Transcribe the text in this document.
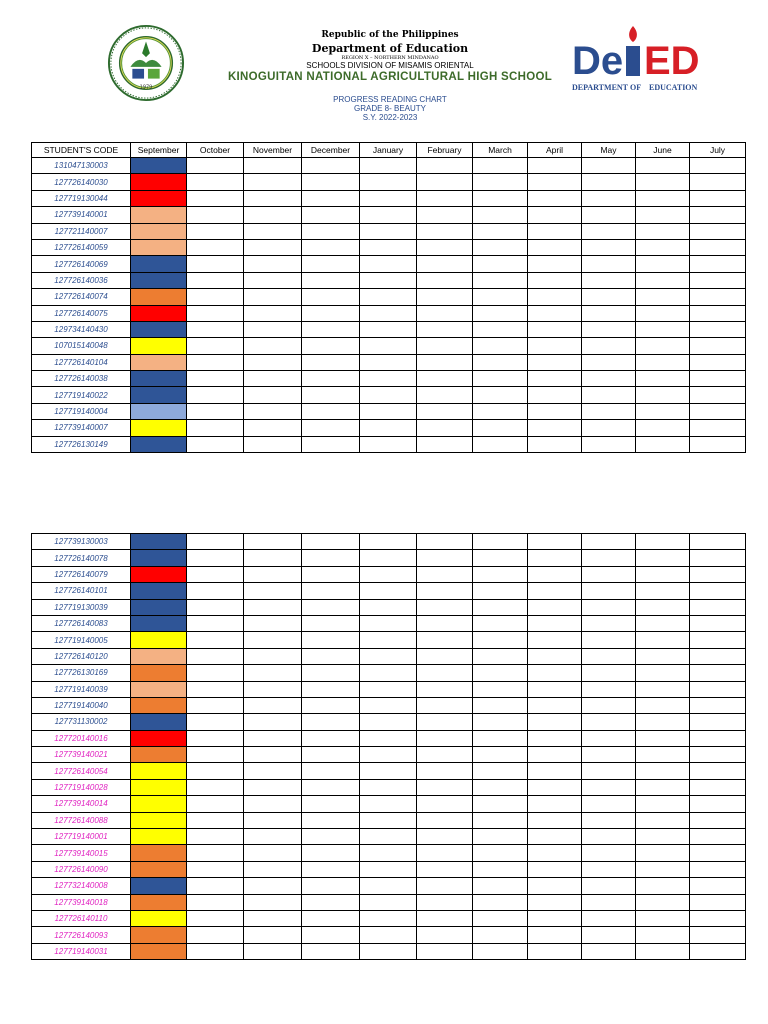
1979
Republic of the Philippines
Department of Education
REGION X – NORTHERN MINDANAO
SCHOOLS DIVISION OF MISAMIS ORIENTAL
KINOGUITAN NATIONAL AGRICULTURAL HIGH SCHOOL
PROGRESS READING CHART
GRADE 8- BEAUTY
S.Y. 2022-2023
De ED
DEPARTMENT OF EDUCATION
STUDENT'S CODE	September	October	November	December	January	February	March	April	May	June	July
131047130003											
127726140030											
127719130044											
127739140001											
127721140007											
127726140059											
127726140069											
127726140036											
127726140074											
127726140075											
129734140430											
107015140048											
127726140104											
127726140038											
127719140022											
127719140004											
127739140007											
127726130149											
127739130003											
127726140078											
127726140079											
127726140101											
127719130039											
127726140083											
127719140005											
127726140120											
127726130169											
127719140039											
127719140040											
127731130002											
127720140016											
127739140021											
127726140054											
127719140028											
127739140014											
127726140088											
127719140001											
127739140015											
127726140090											
127732140008											
127739140018											
127726140110											
127726140093											
127719140031											
